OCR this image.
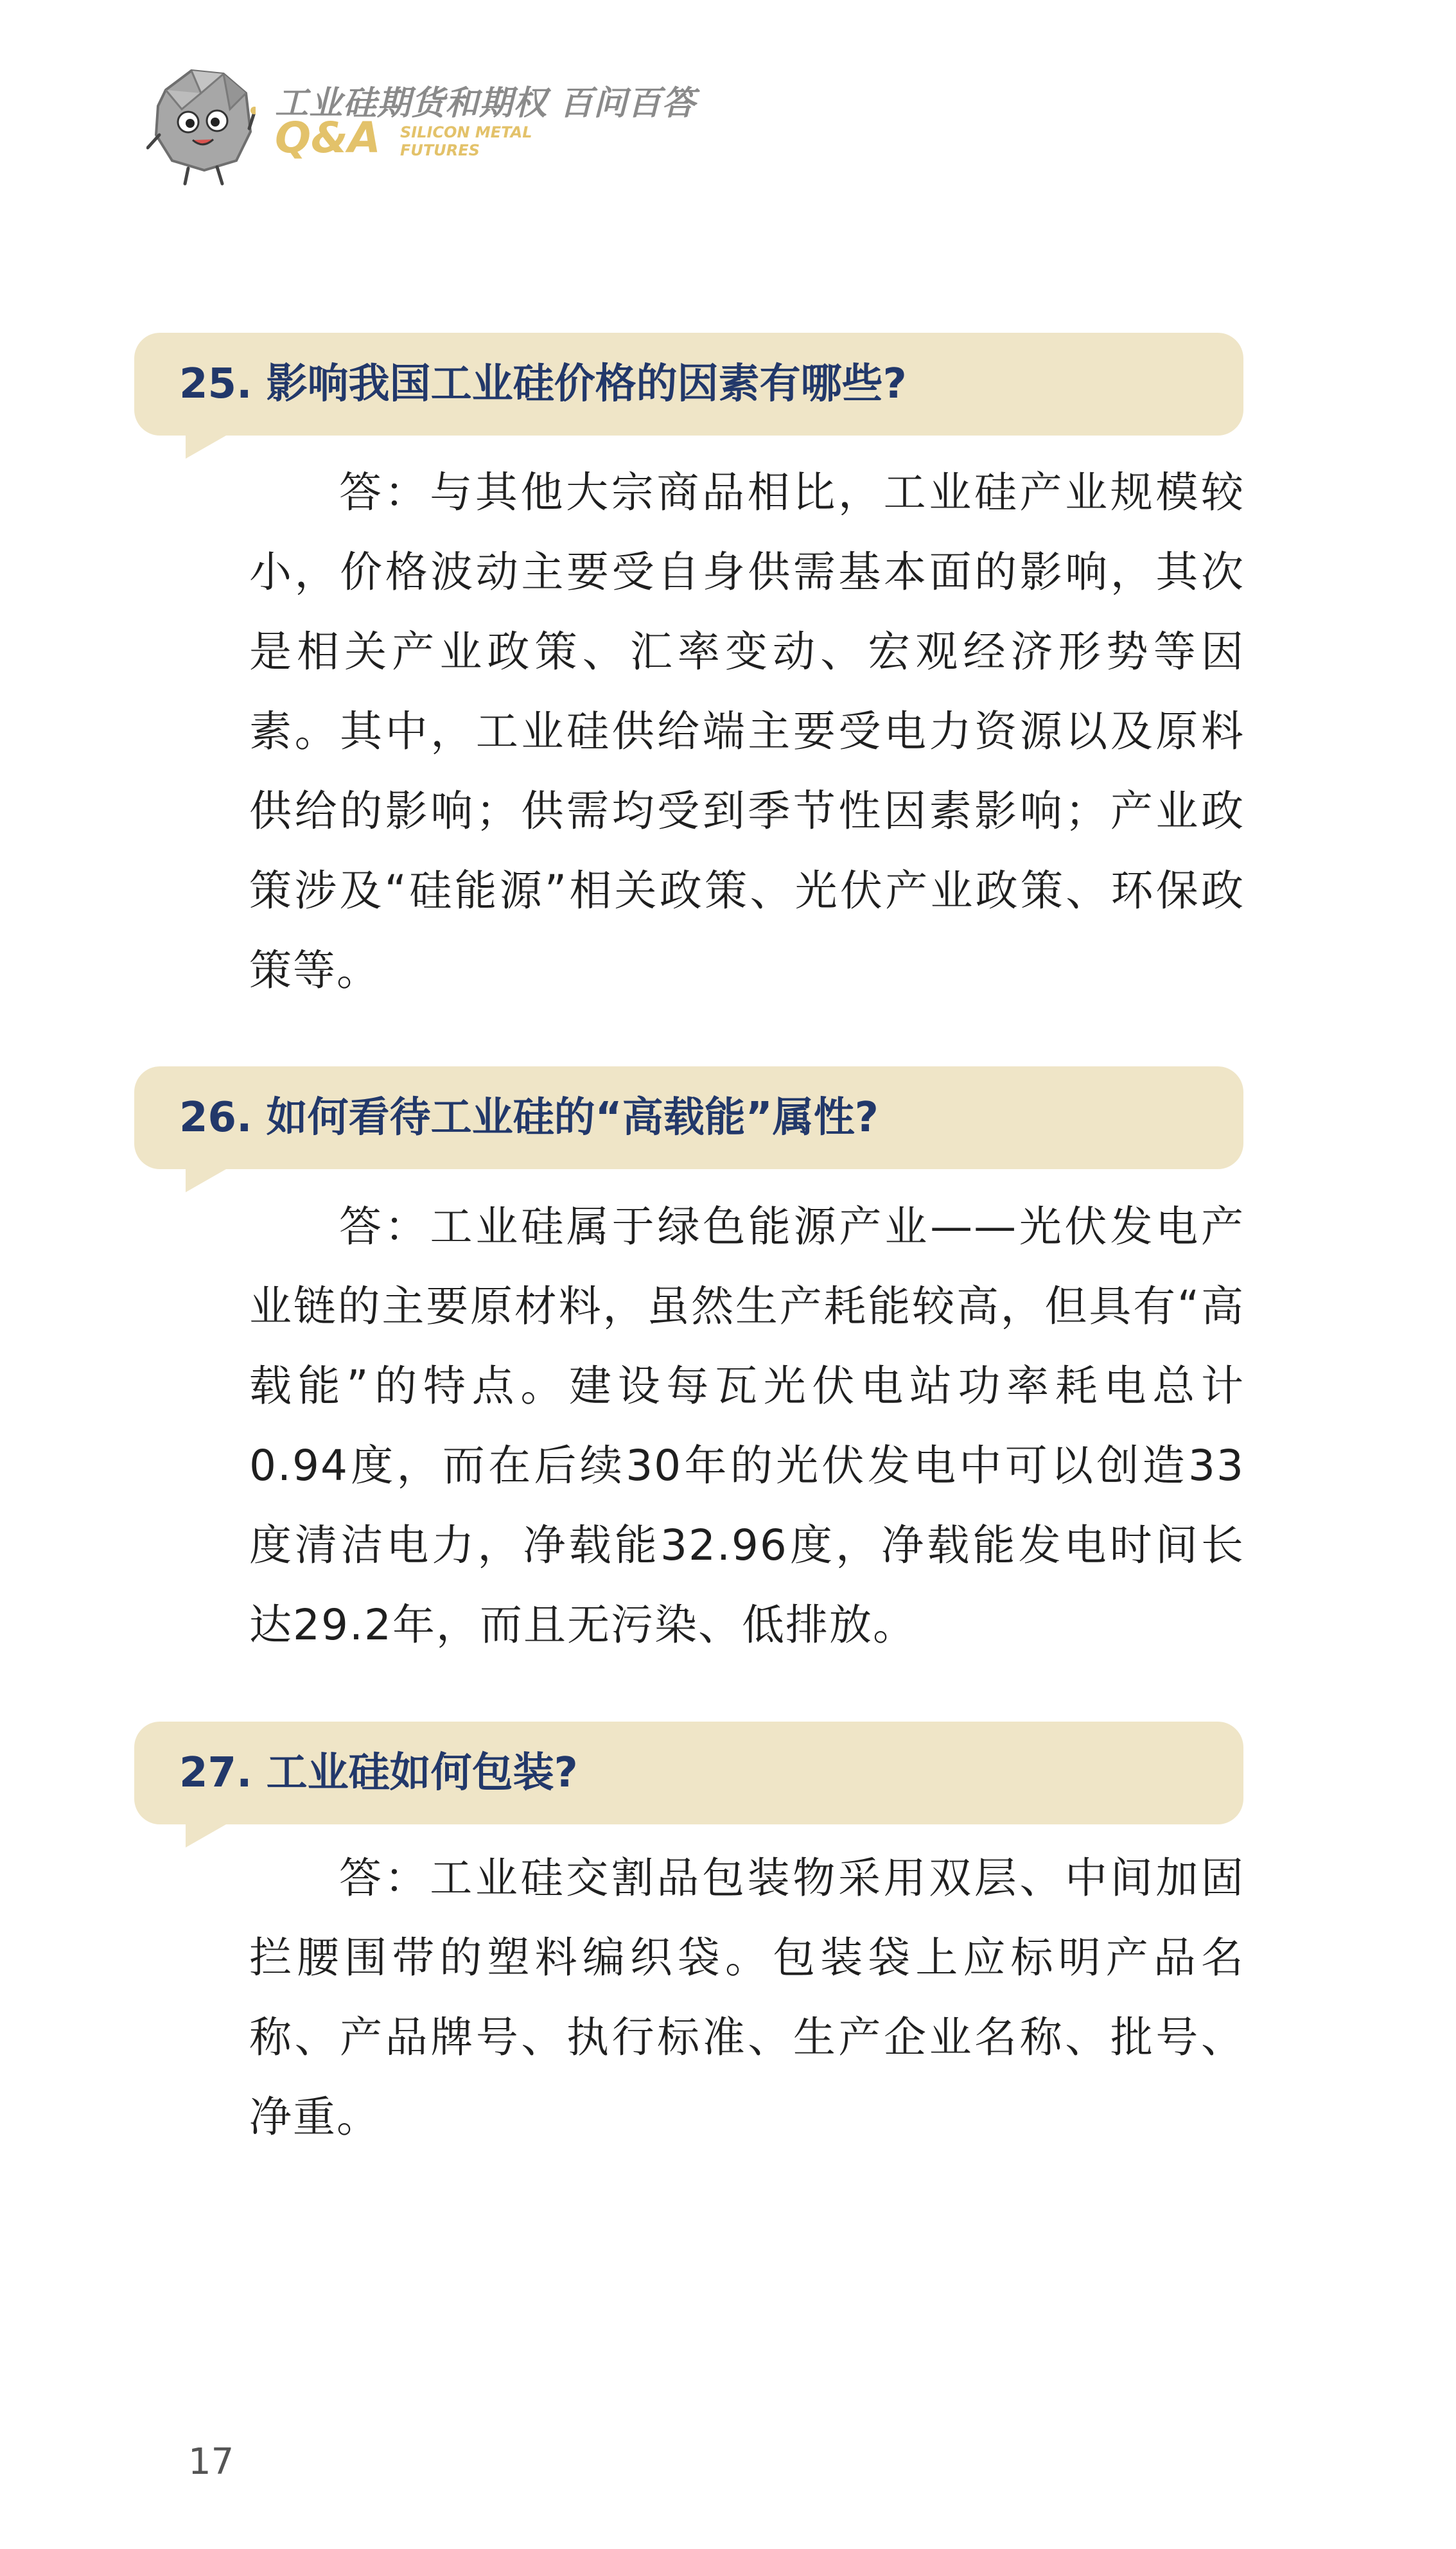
工业硅期货和期权 百问百答
Q&A SILICON METAL
FUTURES
25. 影响我国工业硅价格的因素有哪些?
答：与其他大宗商品相比，工业硅产业规模较小，价格波动主要受自身供需基本面的影响，其次是相关产业政策、汇率变动、宏观经济形势等因素。其中，工业硅供给端主要受电力资源以及原料供给的影响；供需均受到季节性因素影响；产业政策涉及“硅能源”相关政策、光伏产业政策、环保政策等。
26. 如何看待工业硅的“高载能”属性?
答：工业硅属于绿色能源产业——光伏发电产业链的主要原材料，虽然生产耗能较高，但具有“高载能”的特点。建设每瓦光伏电站功率耗电总计0.94度，而在后续30年的光伏发电中可以创造33度清洁电力，净载能32.96度，净载能发电时间长达29.2年，而且无污染、低排放。
27. 工业硅如何包装?
答：工业硅交割品包装物采用双层、中间加固拦腰围带的塑料编织袋。包装袋上应标明产品名称、产品牌号、执行标准、生产企业名称、批号、净重。
17
